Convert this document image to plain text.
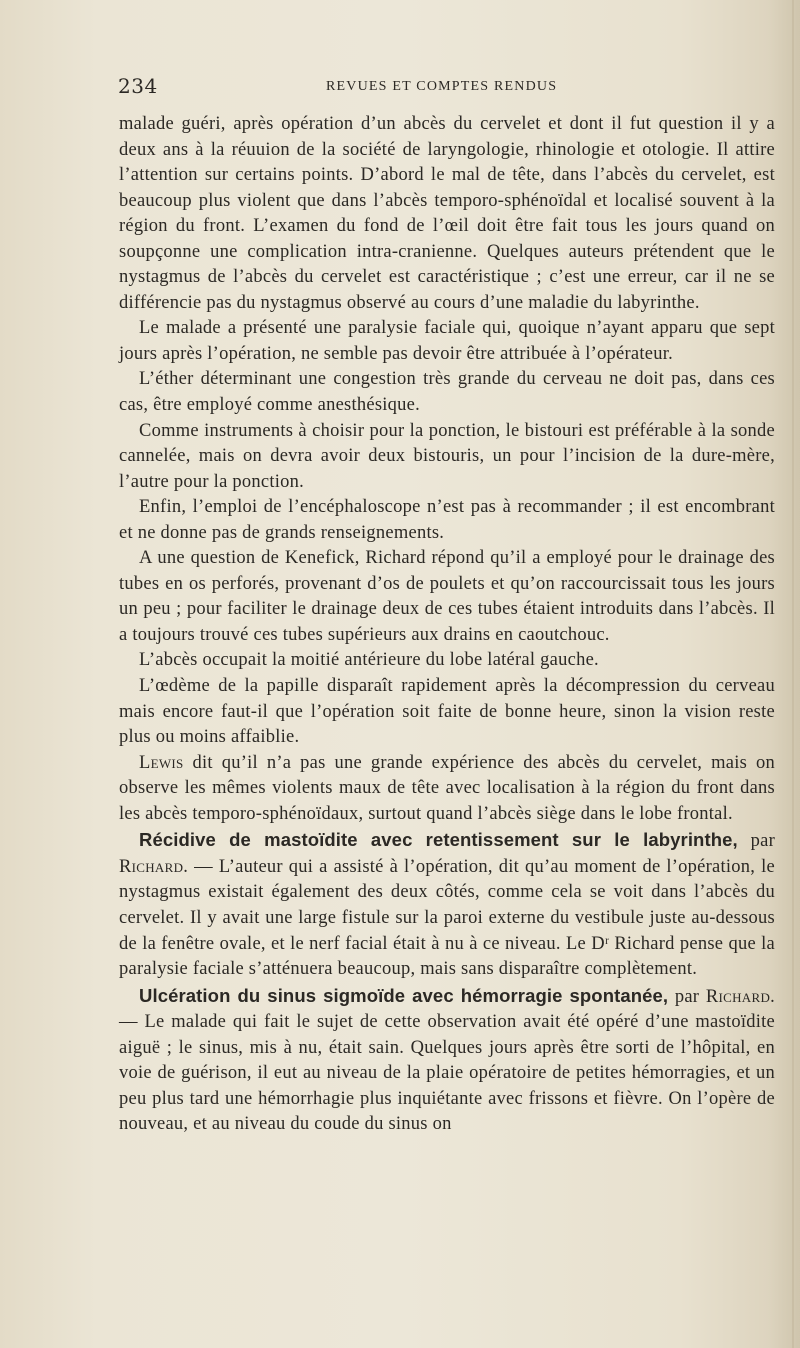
234	REVUES ET COMPTES RENDUS

malade guéri, après opération d’un abcès du cervelet et dont il fut question il y a deux ans à la réuuion de la société de laryngologie, rhinologie et otologie. Il attire l’attention sur certains points. D’abord le mal de tête, dans l’abcès du cervelet, est beaucoup plus violent que dans l’abcès temporo-sphénoïdal et localisé souvent à la région du front. L’examen du fond de l’œil doit être fait tous les jours quand on soupçonne une complication intra-cranienne. Quelques auteurs prétendent que le nystagmus de l’abcès du cervelet est caractéristique ; c’est une erreur, car il ne se différencie pas du nystagmus observé au cours d’une maladie du labyrinthe.

Le malade a présenté une paralysie faciale qui, quoique n’ayant apparu que sept jours après l’opération, ne semble pas devoir être attribuée à l’opérateur.

L’éther déterminant une congestion très grande du cerveau ne doit pas, dans ces cas, être employé comme anesthésique.

Comme instruments à choisir pour la ponction, le bistouri est préférable à la sonde cannelée, mais on devra avoir deux bistouris, un pour l’incision de la dure-mère, l’autre pour la ponction.

Enfin, l’emploi de l’encéphaloscope n’est pas à recommander ; il est encombrant et ne donne pas de grands renseignements.

A une question de Kenefick, Richard répond qu’il a employé pour le drainage des tubes en os perforés, provenant d’os de poulets et qu’on raccourcissait tous les jours un peu ; pour faciliter le drainage deux de ces tubes étaient introduits dans l’abcès. Il a toujours trouvé ces tubes supérieurs aux drains en caoutchouc.

L’abcès occupait la moitié antérieure du lobe latéral gauche.

L’œdème de la papille disparaît rapidement après la décompression du cerveau mais encore faut-il que l’opération soit faite de bonne heure, sinon la vision reste plus ou moins affaiblie.

Lewis dit qu’il n’a pas une grande expérience des abcès du cervelet, mais on observe les mêmes violents maux de tête avec localisation à la région du front dans les abcès temporo-sphénoïdaux, surtout quand l’abcès siège dans le lobe frontal.

Récidive de mastoïdite avec retentissement sur le labyrinthe, par Richard. — L’auteur qui a assisté à l’opération, dit qu’au moment de l’opération, le nystagmus existait également des deux côtés, comme cela se voit dans l’abcès du cervelet. Il y avait une large fistule sur la paroi externe du vestibule juste au-dessous de la fenêtre ovale, et le nerf facial était à nu à ce niveau. Le Dʳ Richard pense que la paralysie faciale s’atténuera beaucoup, mais sans disparaître complètement.

Ulcération du sinus sigmoïde avec hémorragie spontanée, par Richard. — Le malade qui fait le sujet de cette observation avait été opéré d’une mastoïdite aiguë ; le sinus, mis à nu, était sain. Quelques jours après être sorti de l’hôpital, en voie de guérison, il eut au niveau de la plaie opératoire de petites hémorragies, et un peu plus tard une hémorrhagie plus inquiétante avec frissons et fièvre. On l’opère de nouveau, et au niveau du coude du sinus on
